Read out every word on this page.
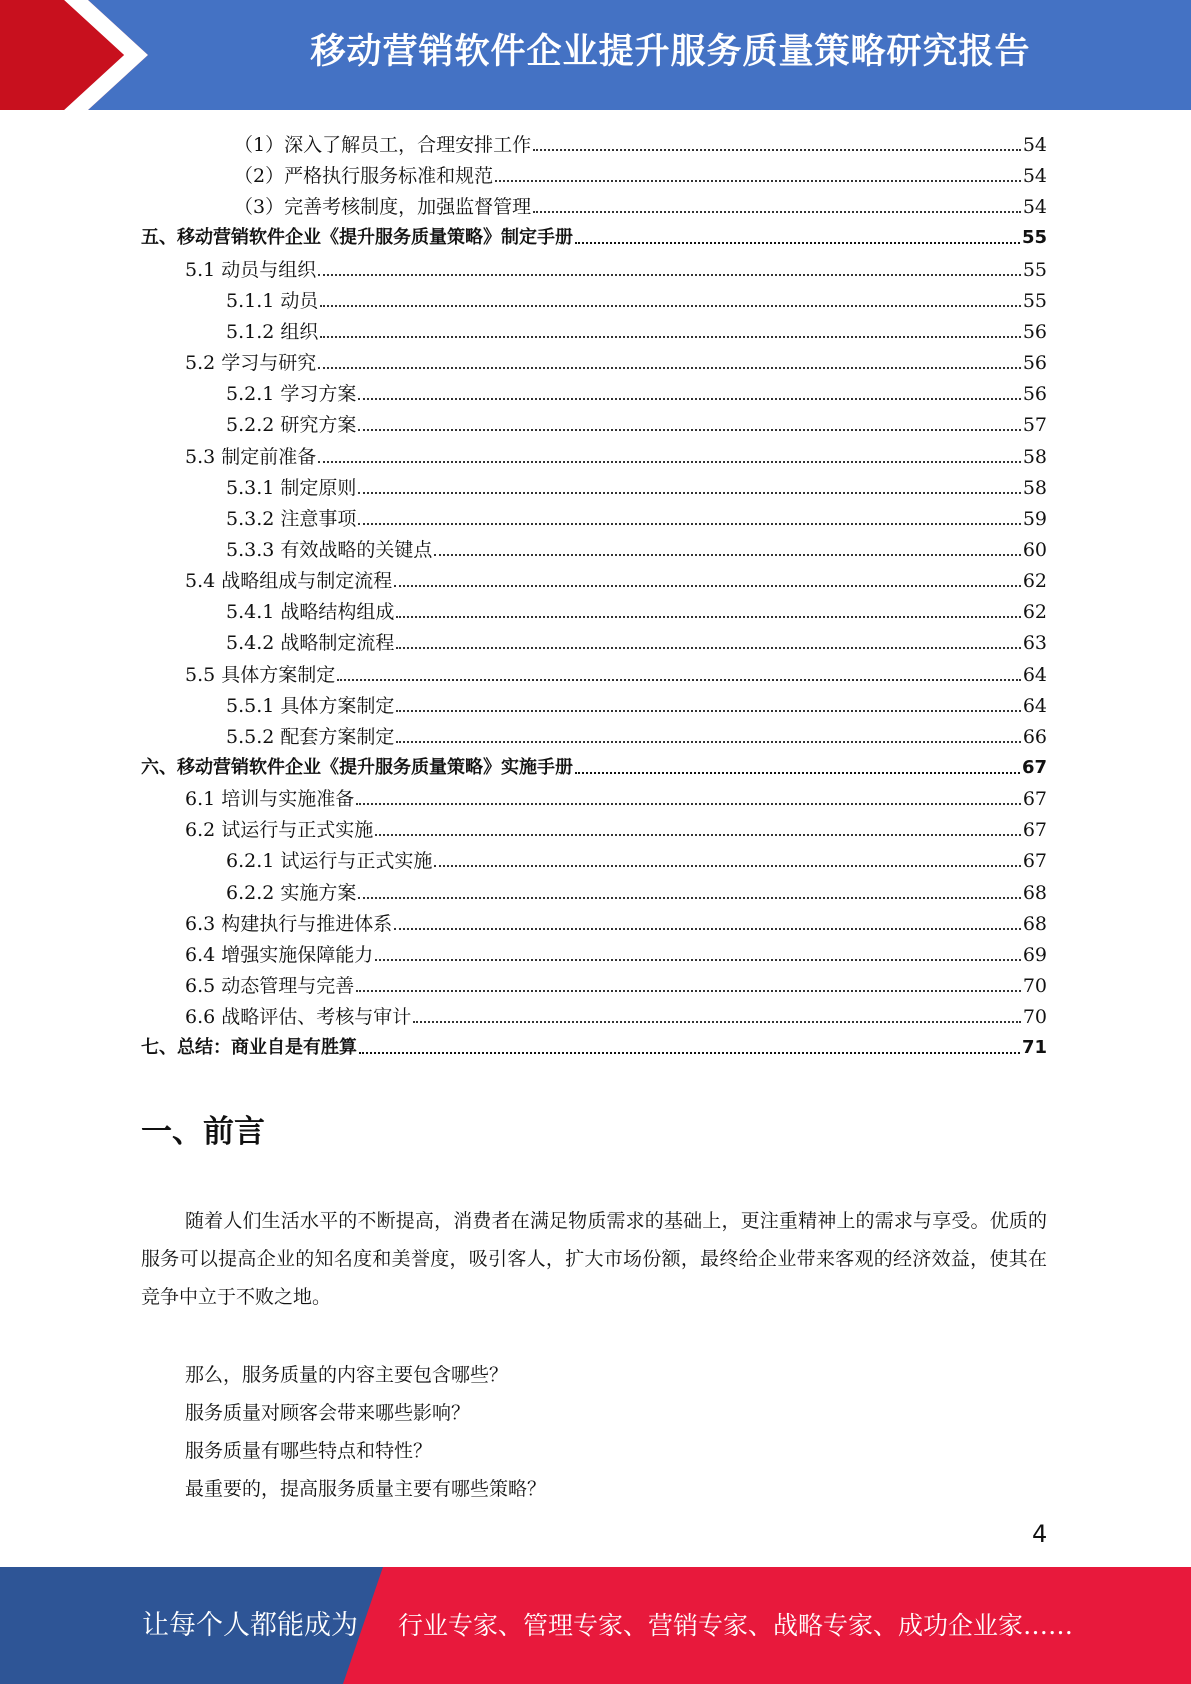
移动营销软件企业提升服务质量策略研究报告
（1）深入了解员工，合理安排工作	54
（2）严格执行服务标准和规范	54
（3）完善考核制度，加强监督管理	54
五、移动营销软件企业《提升服务质量策略》制定手册	55
5.1 动员与组织	55
5.1.1 动员	55
5.1.2 组织	56
5.2 学习与研究	56
5.2.1 学习方案	56
5.2.2 研究方案	57
5.3 制定前准备	58
5.3.1 制定原则	58
5.3.2 注意事项	59
5.3.3 有效战略的关键点	60
5.4 战略组成与制定流程	62
5.4.1 战略结构组成	62
5.4.2 战略制定流程	63
5.5 具体方案制定	64
5.5.1 具体方案制定	64
5.5.2 配套方案制定	66
六、移动营销软件企业《提升服务质量策略》实施手册	67
6.1 培训与实施准备	67
6.2 试运行与正式实施	67
6.2.1 试运行与正式实施	67
6.2.2 实施方案	68
6.3 构建执行与推进体系	68
6.4 增强实施保障能力	69
6.5 动态管理与完善	70
6.6 战略评估、考核与审计	70
七、总结：商业自是有胜算	71
一、前言
随着人们生活水平的不断提高，消费者在满足物质需求的基础上，更注重精神上的需求与享受。优质的服务可以提高企业的知名度和美誉度，吸引客人，扩大市场份额，最终给企业带来客观的经济效益，使其在竞争中立于不败之地。
那么，服务质量的内容主要包含哪些？
服务质量对顾客会带来哪些影响？
服务质量有哪些特点和特性？
最重要的，提高服务质量主要有哪些策略？
4
让每个人都能成为 行业专家、管理专家、营销专家、战略专家、成功企业家……
